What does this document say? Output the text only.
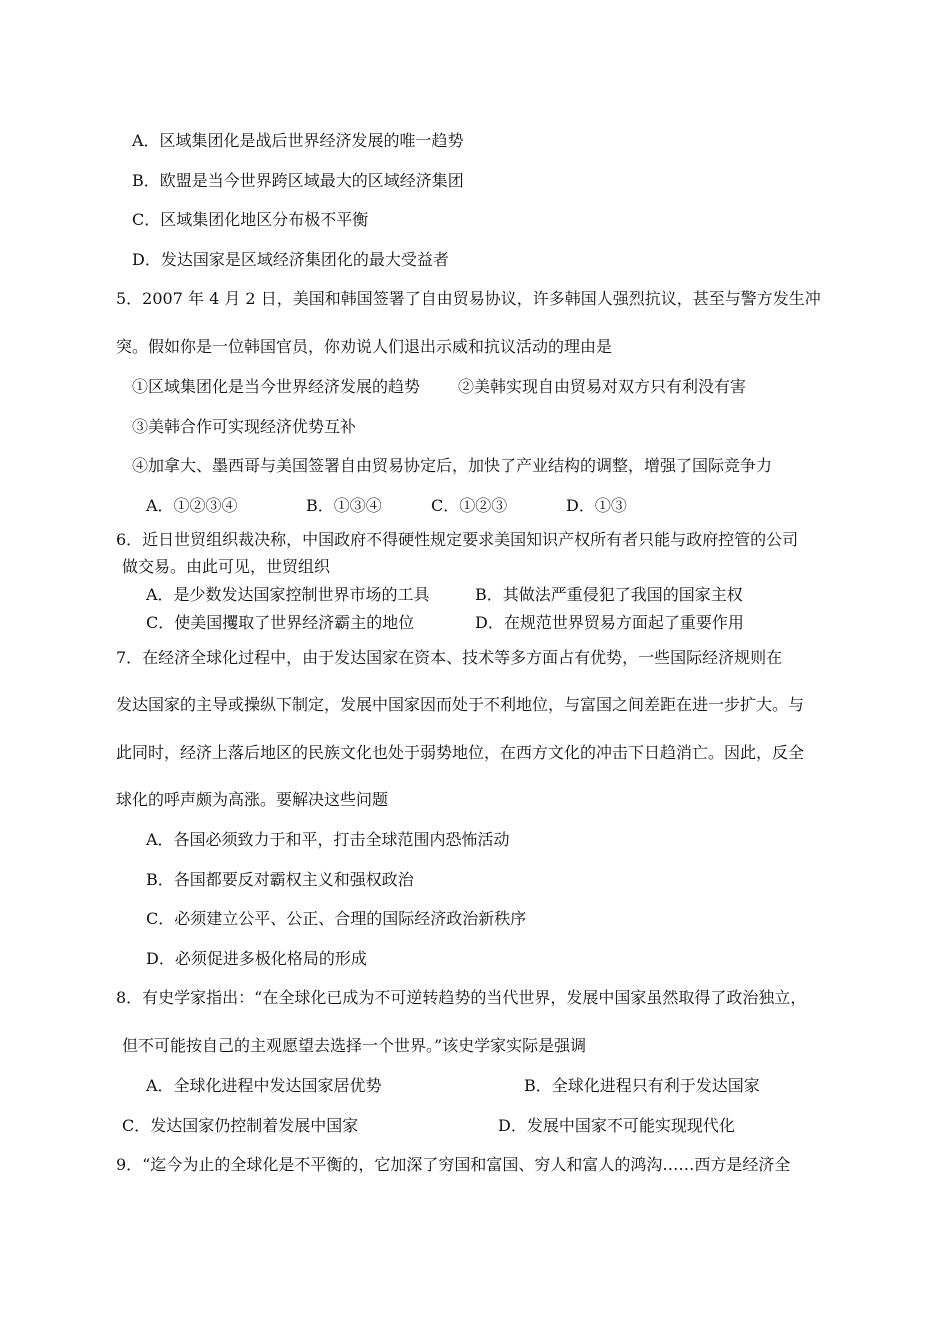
A．区域集团化是战后世界经济发展的唯一趋势
B．欧盟是当今世界跨区域最大的区域经济集团
C．区域集团化地区分布极不平衡
D．发达国家是区域经济集团化的最大受益者
5．2007 年 4 月 2 日，美国和韩国签署了自由贸易协议，许多韩国人强烈抗议，甚至与警方发生冲
突。假如你是一位韩国官员，你劝说人们退出示威和抗议活动的理由是
①区域集团化是当今世界经济发展的趋势 ②美韩实现自由贸易对双方只有利没有害
③美韩合作可实现经济优势互补
④加拿大、墨西哥与美国签署自由贸易协定后，加快了产业结构的调整，增强了国际竞争力
A．①②③④	B．①③④	C．①②③	D．①③
6．近日世贸组织裁决称，中国政府不得硬性规定要求美国知识产权所有者只能与政府控管的公司
做交易。由此可见，世贸组织
A．是少数发达国家控制世界市场的工具	B．其做法严重侵犯了我国的国家主权
C．使美国攫取了世界经济霸主的地位	D．在规范世界贸易方面起了重要作用
7．在经济全球化过程中，由于发达国家在资本、技术等多方面占有优势，一些国际经济规则在
发达国家的主导或操纵下制定，发展中国家因而处于不利地位，与富国之间差距在进一步扩大。与
此同时，经济上落后地区的民族文化也处于弱势地位，在西方文化的冲击下日趋消亡。因此，反全
球化的呼声颇为高涨。要解决这些问题
A．各国必须致力于和平，打击全球范围内恐怖活动
B．各国都要反对霸权主义和强权政治
C．必须建立公平、公正、合理的国际经济政治新秩序
D．必须促进多极化格局的形成
8．有史学家指出：“在全球化已成为不可逆转趋势的当代世界，发展中国家虽然取得了政治独立，
但不可能按自己的主观愿望去选择一个世界。”该史学家实际是强调
A．全球化进程中发达国家居优势	B．全球化进程只有利于发达国家
C．发达国家仍控制着发展中国家	D．发展中国家不可能实现现代化
9．“迄今为止的全球化是不平衡的，它加深了穷国和富国、穷人和富人的鸿沟……西方是经济全
